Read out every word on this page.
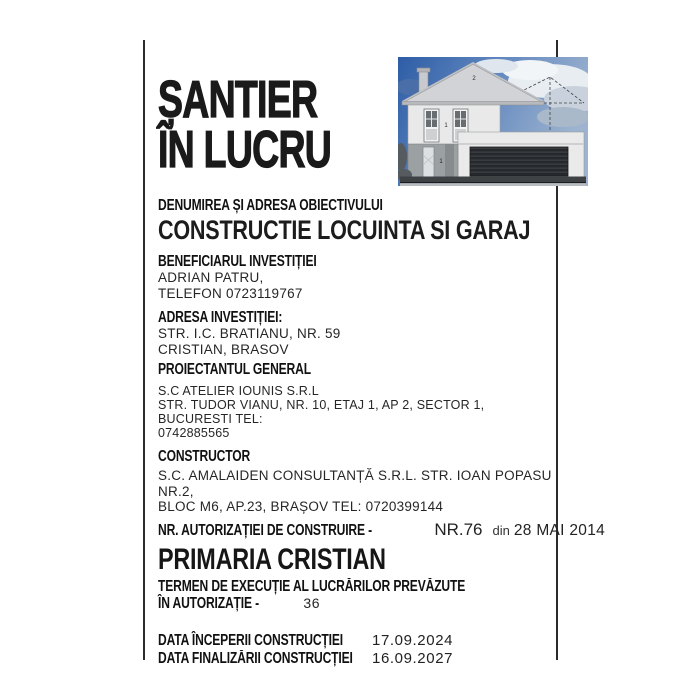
ȘANTIER
ÎN LUCRU
2
1
1
DENUMIREA ȘI ADRESA OBIECTIVULUI
CONSTRUCTIE LOCUINTA SI GARAJ
BENEFICIARUL INVESTIȚIEI
ADRIAN PATRU,
TELEFON 0723119767
ADRESA INVESTIȚIEI:
STR. I.C. BRATIANU, NR. 59
CRISTIAN, BRASOV
PROIECTANTUL GENERAL
S.C ATELIER IOUNIS S.R.L
STR. TUDOR VIANU, NR. 10, ETAJ 1, AP 2, SECTOR 1, BUCURESTI TEL:
0742885565
CONSTRUCTOR
S.C. AMALAIDEN CONSULTANȚĂ S.R.L. STR. IOAN POPASU NR.2,
BLOC M6, AP.23, BRAȘOV TEL: 0720399144
NR. AUTORIZAȚIEI DE CONSTRUIRE -	NR.76 din 28 MAI 2014
PRIMARIA CRISTIAN
TERMEN DE EXECUȚIE AL LUCRĂRILOR PREVĂZUTE
ÎN AUTORIZAȚIE -	36
DATA ÎNCEPERII CONSTRUCȚIEI 17.09.2024
DATA FINALIZĂRII CONSTRUCȚIEI 16.09.2027
